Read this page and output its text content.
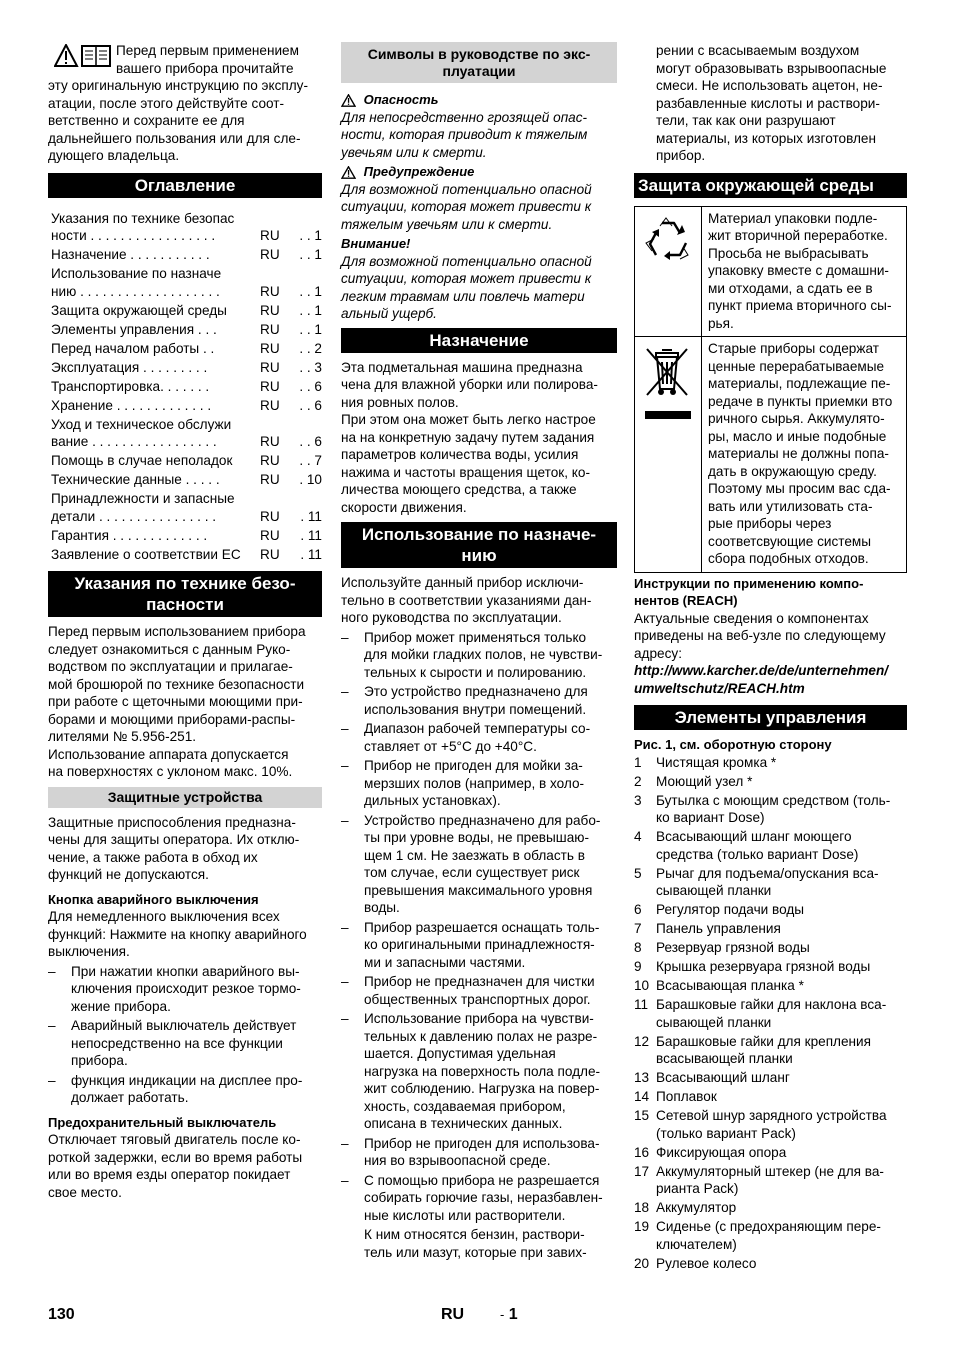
Перед первым применением

вашего прибора прочитайте

эту оригинальную инструкцию по эксплу-

атации, после этого действуйте соот-

ветственно и сохраните ее для

дальнейшего пользования или для сле-

дующего владельца.

Оглавление
Указания по технике безопас
ности . . . . . . . . . . . . . . . . .	RU	. . 1
Назначение . . . . . . . . . . .	RU	. . 1
Использование по назначе
нию . . . . . . . . . . . . . . . . . . .	RU	. . 1
Защита окружающей среды	RU	. . 1
Элементы управления . . .	RU	. . 1
Перед началом работы . .	RU	. . 2
Эксплуатация . . . . . . . . .	RU	. . 3
Транспортировка. . . . . . .	RU	. . 6
Хранение . . . . . . . . . . . . .	RU	. . 6
Уход и техническое обслужи
вание . . . . . . . . . . . . . . . . .	RU	. . 6
Помощь в случае неполадок	RU	. . 7
Технические данные . . . . .	RU	. 10
Принадлежности и запасные
детали . . . . . . . . . . . . . . . .	RU	. 11
Гарантия . . . . . . . . . . . . .	RU	. 11
Заявление о соответствии ЕС	RU	. 11
Указания по технике безо-
пасности

Перед первым использованием прибора

следует ознакомиться с данным Руко-

водством по эксплуатации и прилагае-

мой брошюрой по технике безопасности

при работе с щеточными моющими при-

борами и моющими приборами-распы-

лителями № 5.956-251.

Использование аппарата допускается

на поверхностях с уклоном макс. 10%.

Защитные устройства

Защитные приспособления предназна-

чены для защиты оператора. Их отклю-

чение, а также работа в обход их

функций не допускаются.

Кнопка аварийного выключения

Для немедленного выключения всех

функций: Нажмите на кнопку аварийного

выключения.

–	При нажатии кнопки аварийного вы-
ключения происходит резкое тормо-
жение прибора.
–	Аварийный выключатель действует
непосредственно на все функции
прибора.
–	функция индикации на дисплее про-
должает работать.

Предохранительный выключатель

Отключает тяговый двигатель после ко-

роткой задержки, если во время работы

или во время езды оператор покидает

свое место.

Символы в руководстве по экс-
плуатации

Опасность

Для непосредственно грозящей опас-

ности, которая приводит к тяжелым

увечьям или к смерти.

Предупреждение

Для возможной потенциально опасной

ситуации, которая может привести к

тяжелым увечьям или к смерти.

Внимание!

Для возможной потенциально опасной

ситуации, которая может привести к

легким травмам или повлечь матери

альный ущерб.

Назначение

Эта подметальная машина предназна

чена для влажной уборки или полирова-

ния ровных полов.

При этом она может быть легко настрое

на на конкретную задачу путем задания

параметров количества воды, усилия

нажима и частоты вращения щеток, ко-

личества моющего средства, а также

скорости движения.

Использование по назначе-
нию

Используйте данный прибор исключи-

тельно в соответствии указаниями дан-

ного руководства по эксплуатации.

–	Прибор может применяться только
для мойки гладких полов, не чувстви-
тельных к сырости и полированию.
–	Это устройство предназначено для
использования внутри помещений.
–	Диапазон рабочей температуры со-
ставляет от +5°C до +40°C.
–	Прибор не пригоден для мойки за-
мерзших полов (например, в холо-
дильных установках).
–	Устройство предназначено для рабо-
ты при уровне воды, не превышаю-
щем 1 см. Не заезжать в область в
том случае, если существует риск
превышения максимального уровня
воды.
–	Прибор разрешается оснащать толь-
ко оригинальными принадлежностя-
ми и запасными частями.
–	Прибор не предназначен для чистки
общественных транспортных дорог.
–	Использование прибора на чувстви-
тельных к давлению полах не разре-
шается. Допустимая удельная
нагрузка на поверхность пола подле-
жит соблюдению. Нагрузка на повер-
хность, создаваемая прибором,
описана в технических данных.
–	Прибор не пригоден для использова-
ния во взрывоопасной среде.
–	С помощью прибора не разрешается
собирать горючие газы, неразбавлен-
ные кислоты или растворители.

К ним относятся бензин, раствори-

тель или мазут, которые при завих-

рении с всасываемым воздухом

могут образовывать взрывоопасные

смеси. Не использовать ацетон, не-

разбавленные кислоты и раствори-

тели, так как они разрушают

материалы, из которых изготовлен

прибор.

Защита окружающей среды

Материал упаковки подле-

жит вторичной переработке.

Просьба не выбрасывать

упаковку вместе с домашни-

ми отходами, а сдать ее в

пункт приема вторичного сы-

рья.

Старые приборы содержат

ценные перерабатываемые

материалы, подлежащие пе-

редаче в пункты приемки вто

ричного сырья. Аккумулято-

ры, масло и иные подобные

материалы не должны попа-

дать в окружающую среду.

Поэтому мы просим вас сда-

вать или утилизовать ста-

рые приборы через

соответсвующие системы

сбора подобных отходов.

Инструкции по применению компо-
нентов (REACH)

Актуальные сведения о компонентах

приведены на веб-узле по следующему

адресу:

http://www.karcher.de/de/unternehmen/
umweltschutz/REACH.htm
Элементы управления

Рис. 1, см. оборотную сторону

1	Чистящая кромка *
2	Моющий узел *
3	Бутылка с моющим средством (толь-
ко вариант Dose)
4	Всасывающий шланг моющего
средства (только вариант Dose)
5	Рычаг для подъема/опускания вса-
сывающей планки
6	Регулятор подачи воды
7	Панель управления
8	Резервуар грязной воды
9	Крышка резервуара грязной воды
10 Всасывающая планка *
11 Барашковые гайки для наклона вса-
сывающей планки
12 Барашковые гайки для крепления
всасывающей планки
13 Всасывающий шланг
14 Поплавок
15 Сетевой шнур зарядного устройства
(только вариант Pack)
16 Фиксирующая опора
17 Аккумуляторный штекер (не для ва-
рианта Pack)
18 Аккумулятор
19 Сиденье (с предохраняющим пере-
ключателем)
20 Рулевое колесо
130	RU	- 1
